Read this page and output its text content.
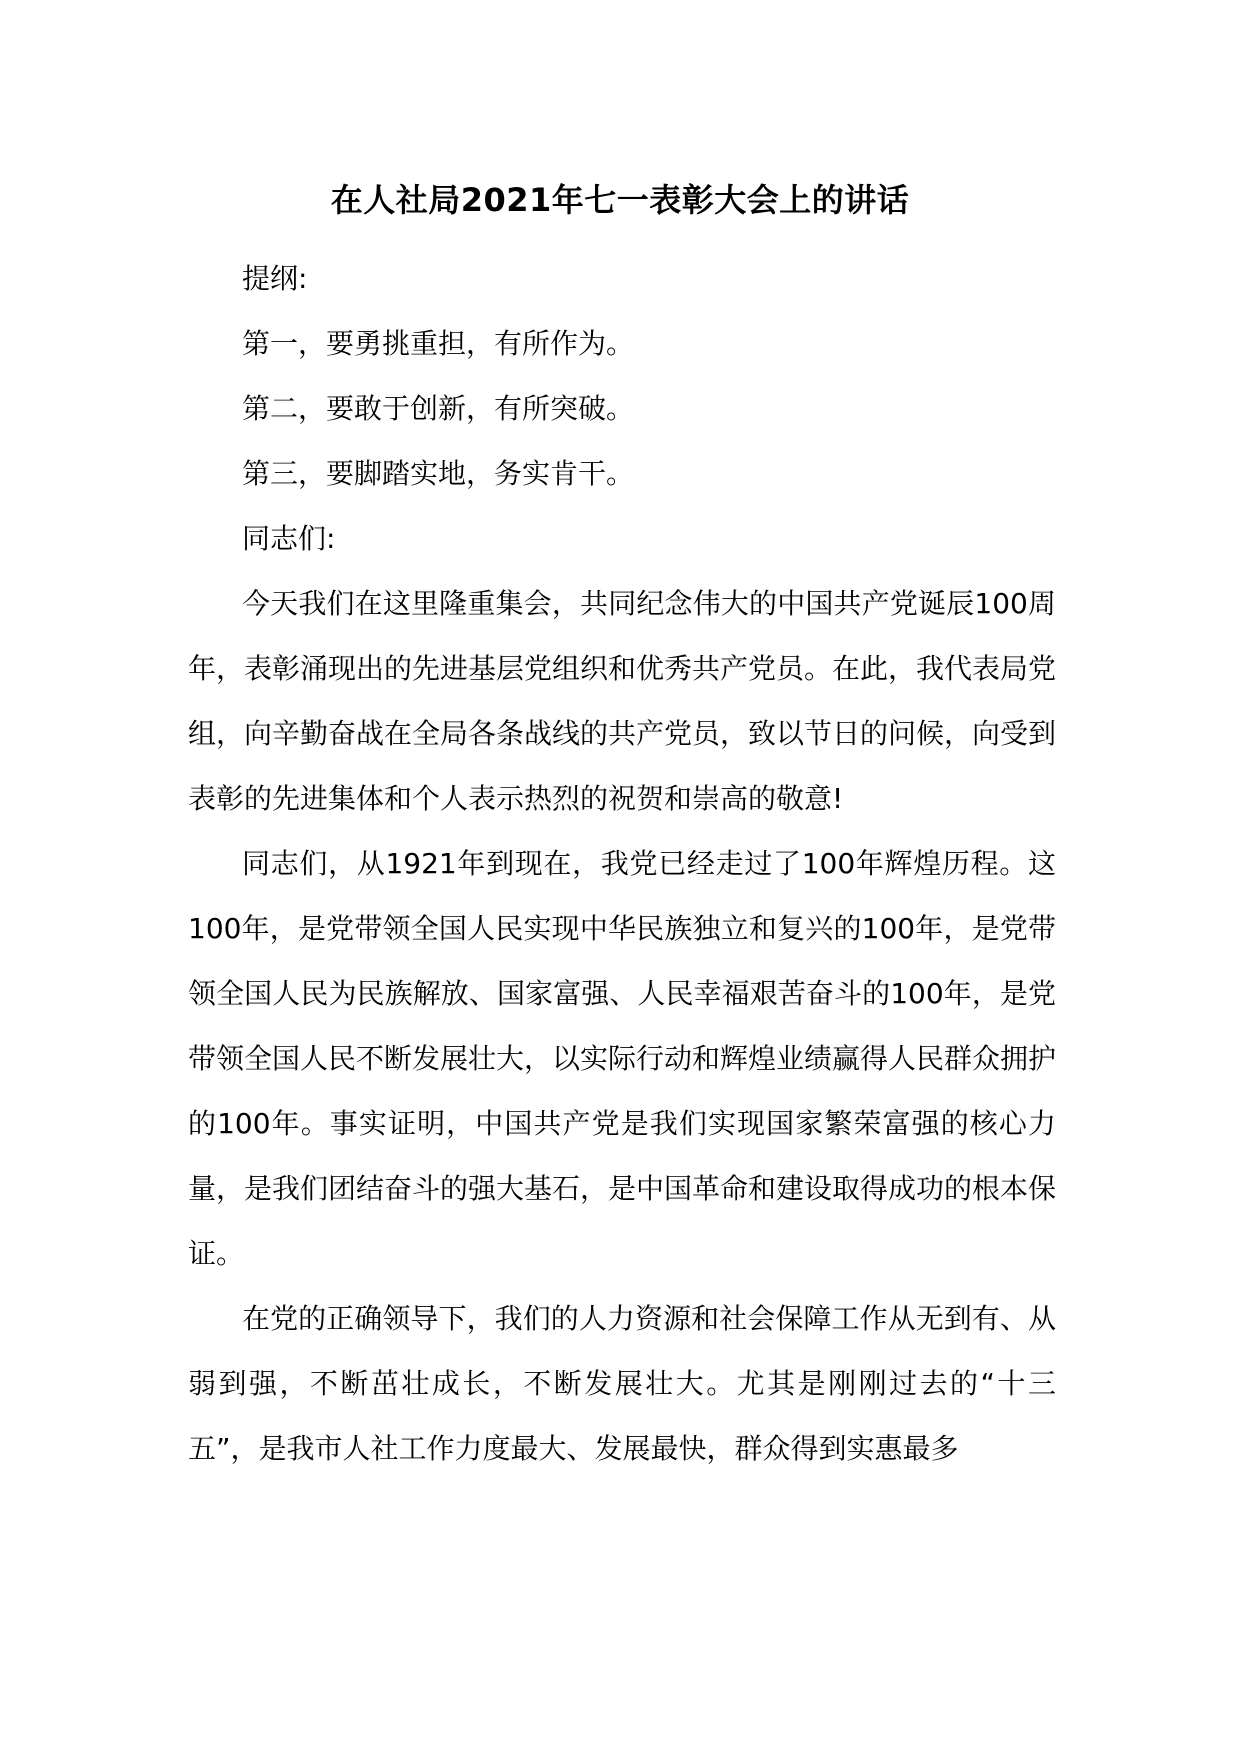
在人社局2021年七一表彰大会上的讲话

提纲:

第一，要勇挑重担，有所作为。

第二，要敢于创新，有所突破。

第三，要脚踏实地，务实肯干。

同志们:

今天我们在这里隆重集会，共同纪念伟大的中国共产党诞辰100周年，表彰涌现出的先进基层党组织和优秀共产党员。在此，我代表局党组，向辛勤奋战在全局各条战线的共产党员，致以节日的问候，向受到表彰的先进集体和个人表示热烈的祝贺和崇高的敬意!

同志们，从1921年到现在，我党已经走过了100年辉煌历程。这100年，是党带领全国人民实现中华民族独立和复兴的100年，是党带领全国人民为民族解放、国家富强、人民幸福艰苦奋斗的100年，是党带领全国人民不断发展壮大，以实际行动和辉煌业绩赢得人民群众拥护的100年。事实证明，中国共产党是我们实现国家繁荣富强的核心力量，是我们团结奋斗的强大基石，是中国革命和建设取得成功的根本保证。

在党的正确领导下，我们的人力资源和社会保障工作从无到有、从弱到强，不断茁壮成长，不断发展壮大。尤其是刚刚过去的“十三五”，是我市人社工作力度最大、发展最快，群众得到实惠最多
